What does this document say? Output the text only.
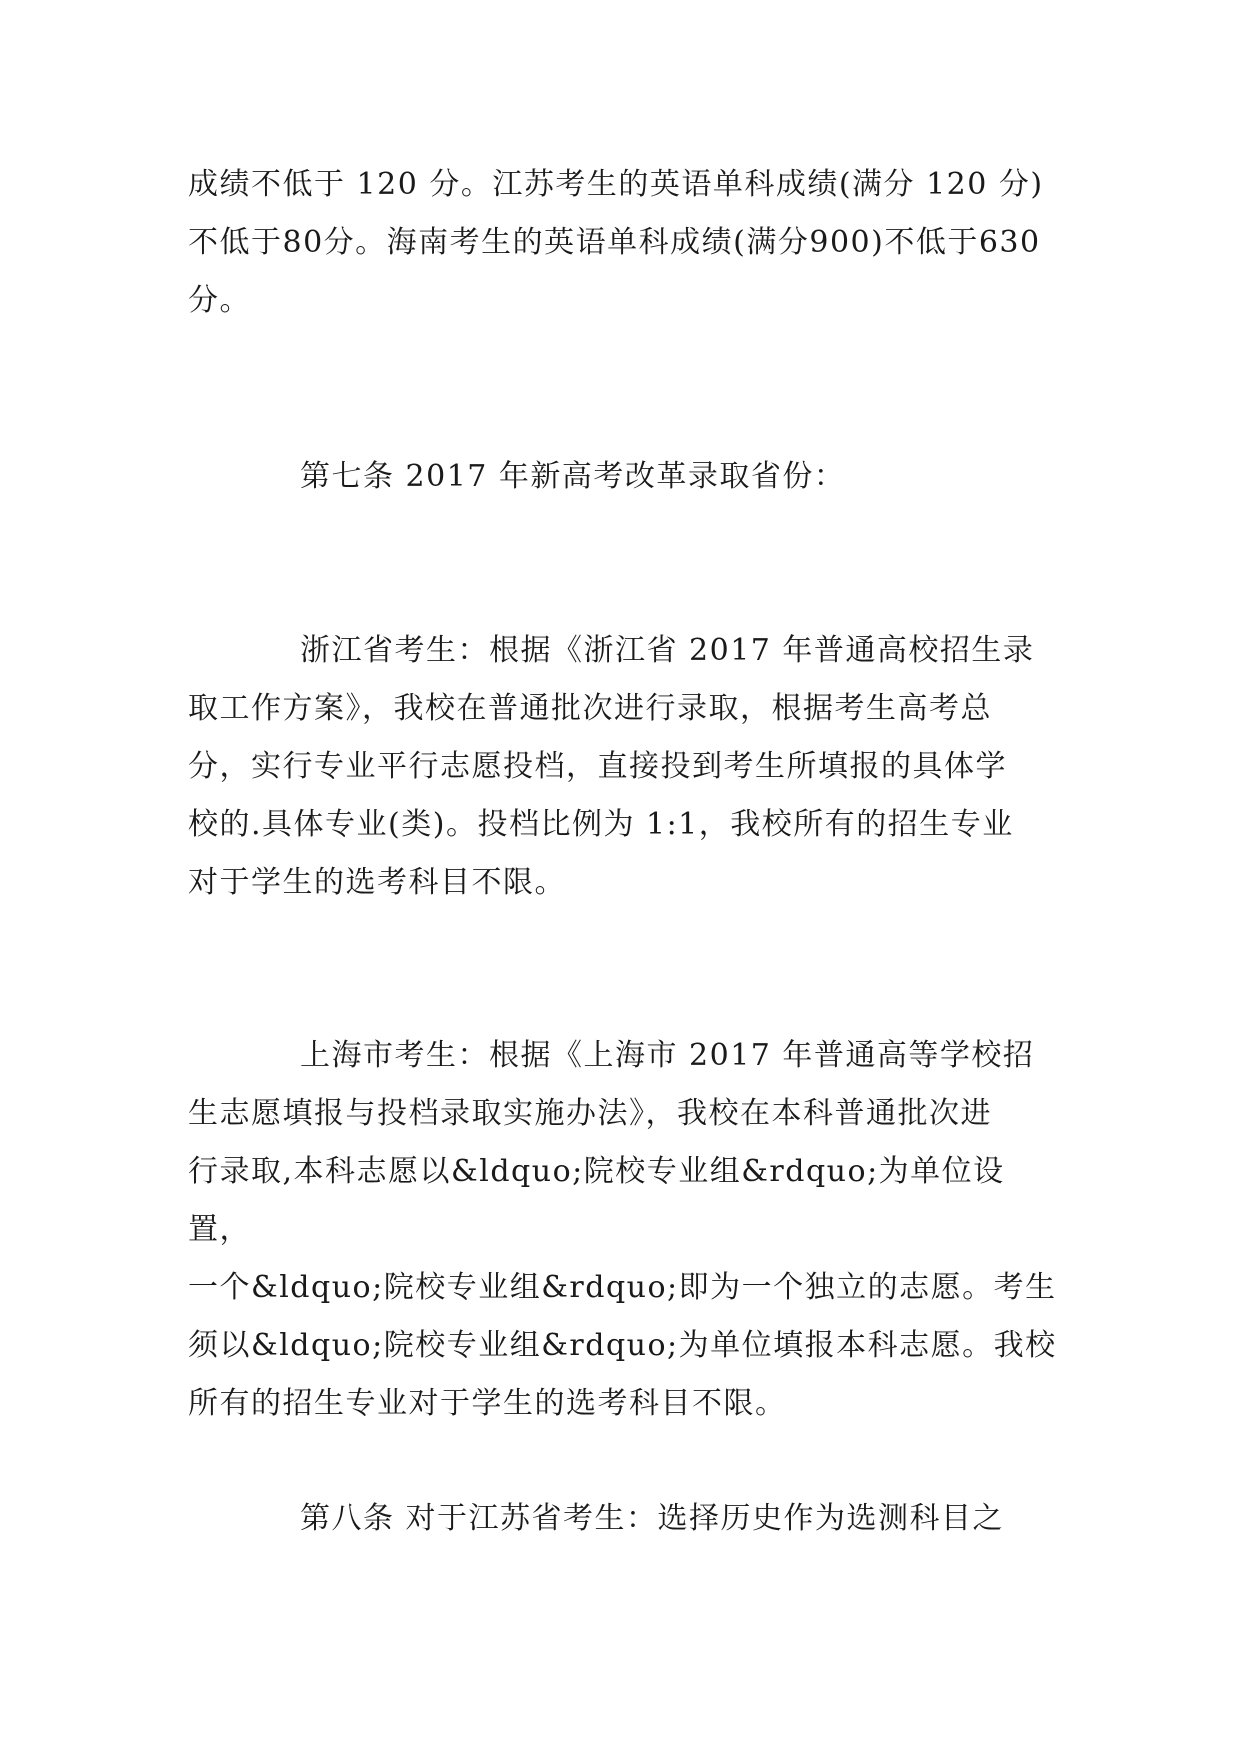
成绩不低于 120 分。江苏考生的英语单科成绩(满分 120 分)
不低于80分。海南考生的英语单科成绩(满分900)不低于630
分。

第七条 2017 年新高考改革录取省份：

浙江省考生：根据《浙江省 2017 年普通高校招生录
取工作方案》，我校在普通批次进行录取，根据考生高考总
分，实行专业平行志愿投档，直接投到考生所填报的具体学
校的.具体专业(类)。投档比例为 1:1，我校所有的招生专业
对于学生的选考科目不限。

上海市考生：根据《上海市 2017 年普通高等学校招
生志愿填报与投档录取实施办法》，我校在本科普通批次进
行录取,本科志愿以&ldquo;院校专业组&rdquo;为单位设置，
一个&ldquo;院校专业组&rdquo;即为一个独立的志愿。考生
须以&ldquo;院校专业组&rdquo;为单位填报本科志愿。我校
所有的招生专业对于学生的选考科目不限。

第八条 对于江苏省考生：选择历史作为选测科目之
